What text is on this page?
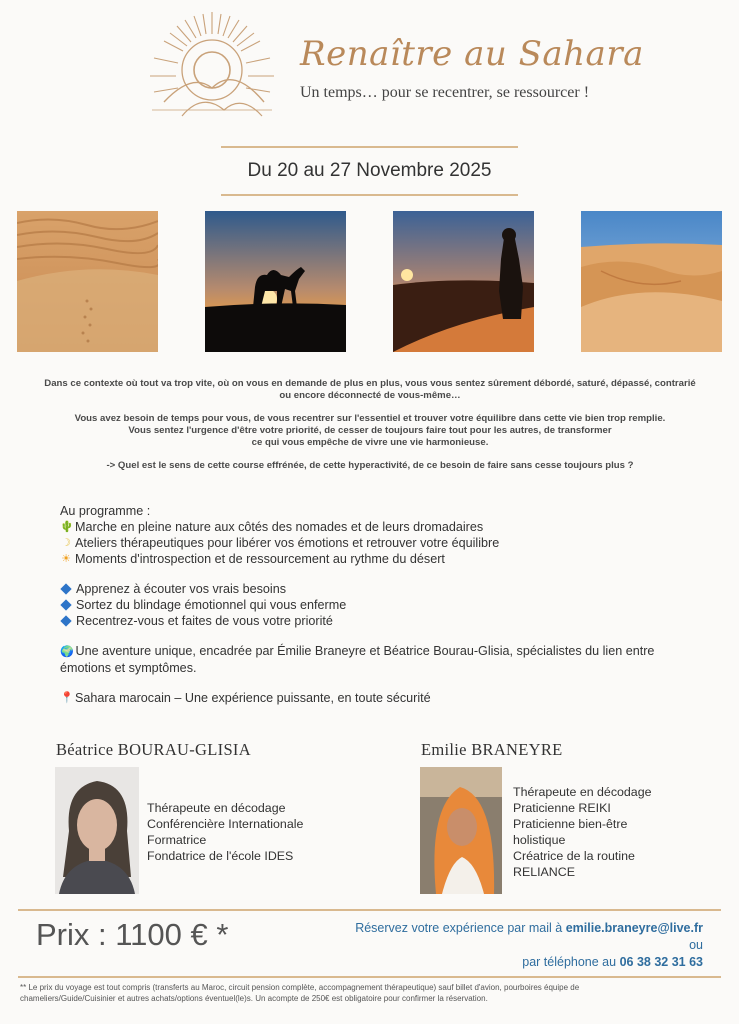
Renaître au Sahara
Un temps… pour se recentrer, se ressourcer !
Du 20 au 27 Novembre 2025

Dans ce contexte où tout va trop vite, où on vous en demande de plus en plus, vous vous sentez sûrement débordé, saturé, dépassé, contrarié ou encore déconnecté de vous-même…

Vous avez besoin de temps pour vous, de vous recentrer sur l'essentiel et trouver votre équilibre dans cette vie bien trop remplie.
Vous sentez l'urgence d'être votre priorité, de cesser de toujours faire tout pour les autres, de transformer
ce qui vous empêche de vivre une vie harmonieuse.

-> Quel est le sens de cette course effrénée, de cette hyperactivité, de ce besoin de faire sans cesse toujours plus ?

Au programme :
🌵 Marche en pleine nature aux côtés des nomades et de leurs dromadaires
☽ Ateliers thérapeutiques pour libérer vos émotions et retrouver votre équilibre
☀ Moments d'introspection et de ressourcement au rythme du désert
Apprenez à écouter vos vrais besoins
Sortez du blindage émotionnel qui vous enferme
Recentrez-vous et faites de vous votre priorité
🌍 Une aventure unique, encadrée par Émilie Braneyre et Béatrice Bourau-Glisia, spécialistes du lien entre
émotions et symptômes.
📍 Sahara marocain – Une expérience puissante, en toute sécurité
Béatrice BOURAU-GLISIA	Emilie BRANEYRE
Thérapeute en décodage
Conférencière Internationale
Formatrice
Fondatrice de l'école IDES
Thérapeute en décodage
Praticienne REIKI
Praticienne bien-être
holistique
Créatrice de la routine
RELIANCE
Prix : 1100 € *	Réservez votre expérience par mail à emilie.braneyre@live.fr
ou
par téléphone au 06 38 32 31 63
** Le prix du voyage est tout compris (transferts au Maroc, circuit pension complète, accompagnement thérapeutique) sauf billet d'avion, pourboires équipe de
chameliers/Guide/Cuisinier et autres achats/options éventuel(le)s. Un acompte de 250€ est obligatoire pour confirmer la réservation.
